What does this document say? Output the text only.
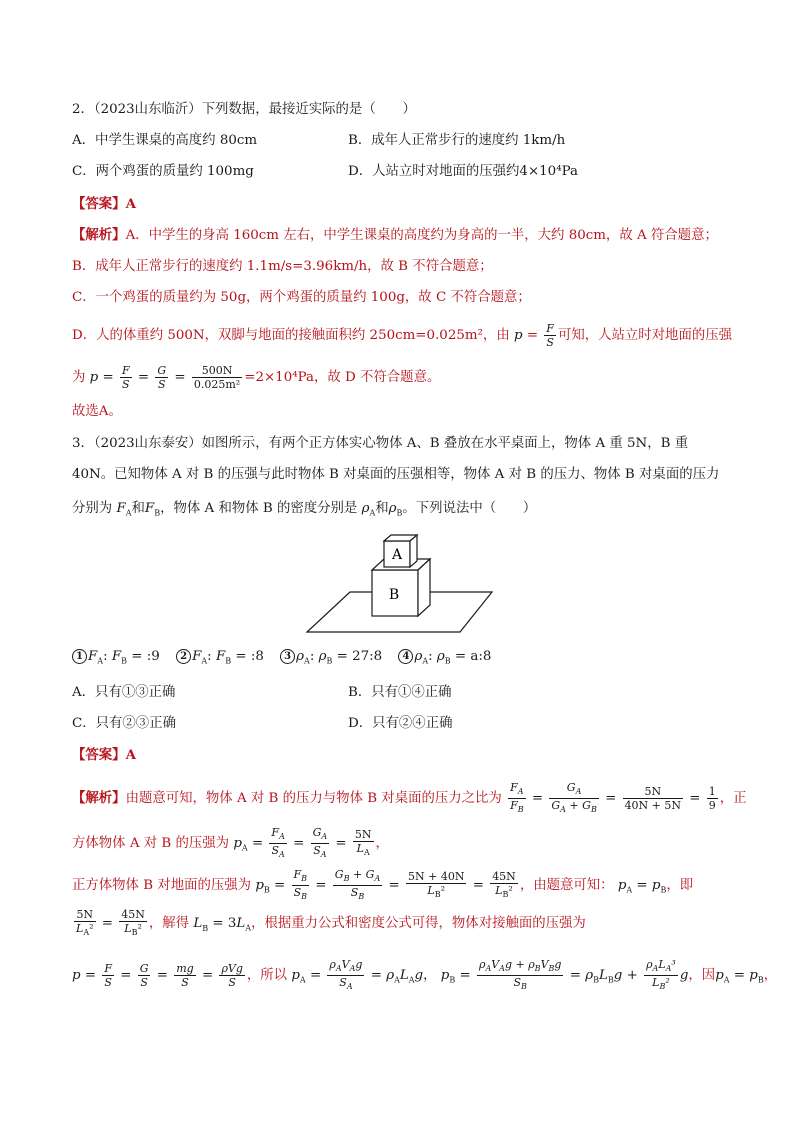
2．（2023山东临沂）下列数据，最接近实际的是（　　）
A．中学生课桌的高度约 80cm	B．成年人正常步行的速度约 1km/h
C．两个鸡蛋的质量约 100mg	D．人站立时对地面的压强约4×10⁴Pa
【答案】A
【解析】A．中学生的身高 160cm 左右，中学生课桌的高度约为身高的一半，大约 80cm，故 A 符合题意；
B．成年人正常步行的速度约 1.1m/s=3.96km/h，故 B 不符合题意；
C．一个鸡蛋的质量约为 50g，两个鸡蛋的质量约 100g，故 C 不符合题意；
D．人的体重约 500N，双脚与地面的接触面积约 250cm=0.025m²，由 $p = \frac{F}{S}$ 可知，人站立时对地面的压强
为 $p = \frac{F}{S} = \frac{G}{S} = \frac{500N}{\text{0.025m²}} =2\times 10^4Pa$，故 D 不符合题意。
故选A。
3．（2023山东泰安）如图所示，有两个正方体实心物体 A、B 叠放在水平桌面上，物体 A 重 5N，B 重
40N。已知物体 A 对 B 的压强与此时物体 B 对桌面的压强相等，物体 A 对 B 的压力、物体 B 对桌面的压力
分别为 $F_A$和$F_B$，物体 A 和物体 B 的密度分别是 $\rho_A$和$\rho_B$。下列说法中（　　）
A
B
1 $F_A$: $F_B$ = :9 2 $F_A$: $F_B$ = :8 3 $\rho_A$: $\rho_B$ = 27:8 4 $\rho_A$: $\rho_B$ = a:8
A．只有①③正确	B．只有①④正确
C．只有②③正确	D．只有②④正确
【答案】A
【解析】由题意可知，物体 A 对 B 的压力与物体 B 对桌面的压力之比为 $\frac{F_A}{F_B} = \frac{G_A}{G_A + G_B} = \frac{5N}{40N + 5N} = \frac{1}{9}$ ，正
方体物体 A 对 B 的压强为 $p_A = \frac{F_A}{S_A} = \frac{G_A}{S_A} = \frac{5N}{L_A}$ ，
正方体物体 B 对地面的压强为 $p_B = \frac{F_B}{S_B} = \frac{G_B + G_A}{S_B} = \frac{5N + 40N}{L_B^2} = \frac{45N}{L_B^2}$ ，由题意可知： $p_A = p_B$，即
$\frac{5N}{L_A^2} = \frac{45N}{L_B^2}$ ，解得 $L_B = 3L_A$，根据重力公式和密度公式可得，物体对接触面的压强为
$p = \frac{F}{S} = \frac{G}{S} = \frac{mg}{S} = \frac{\text{ρVg}}{S}$ ，所以 $p_A = \frac{\rho_AV_Ag}{S_A} = \rho_AL_Ag$， $p_B = \frac{\rho_AV_Ag + \rho_BV_Bg}{S_B} = \rho_BL_Bg + \frac{\rho_AL_A^3}{L_B^2}$ g，因$p_A = p_B$，
